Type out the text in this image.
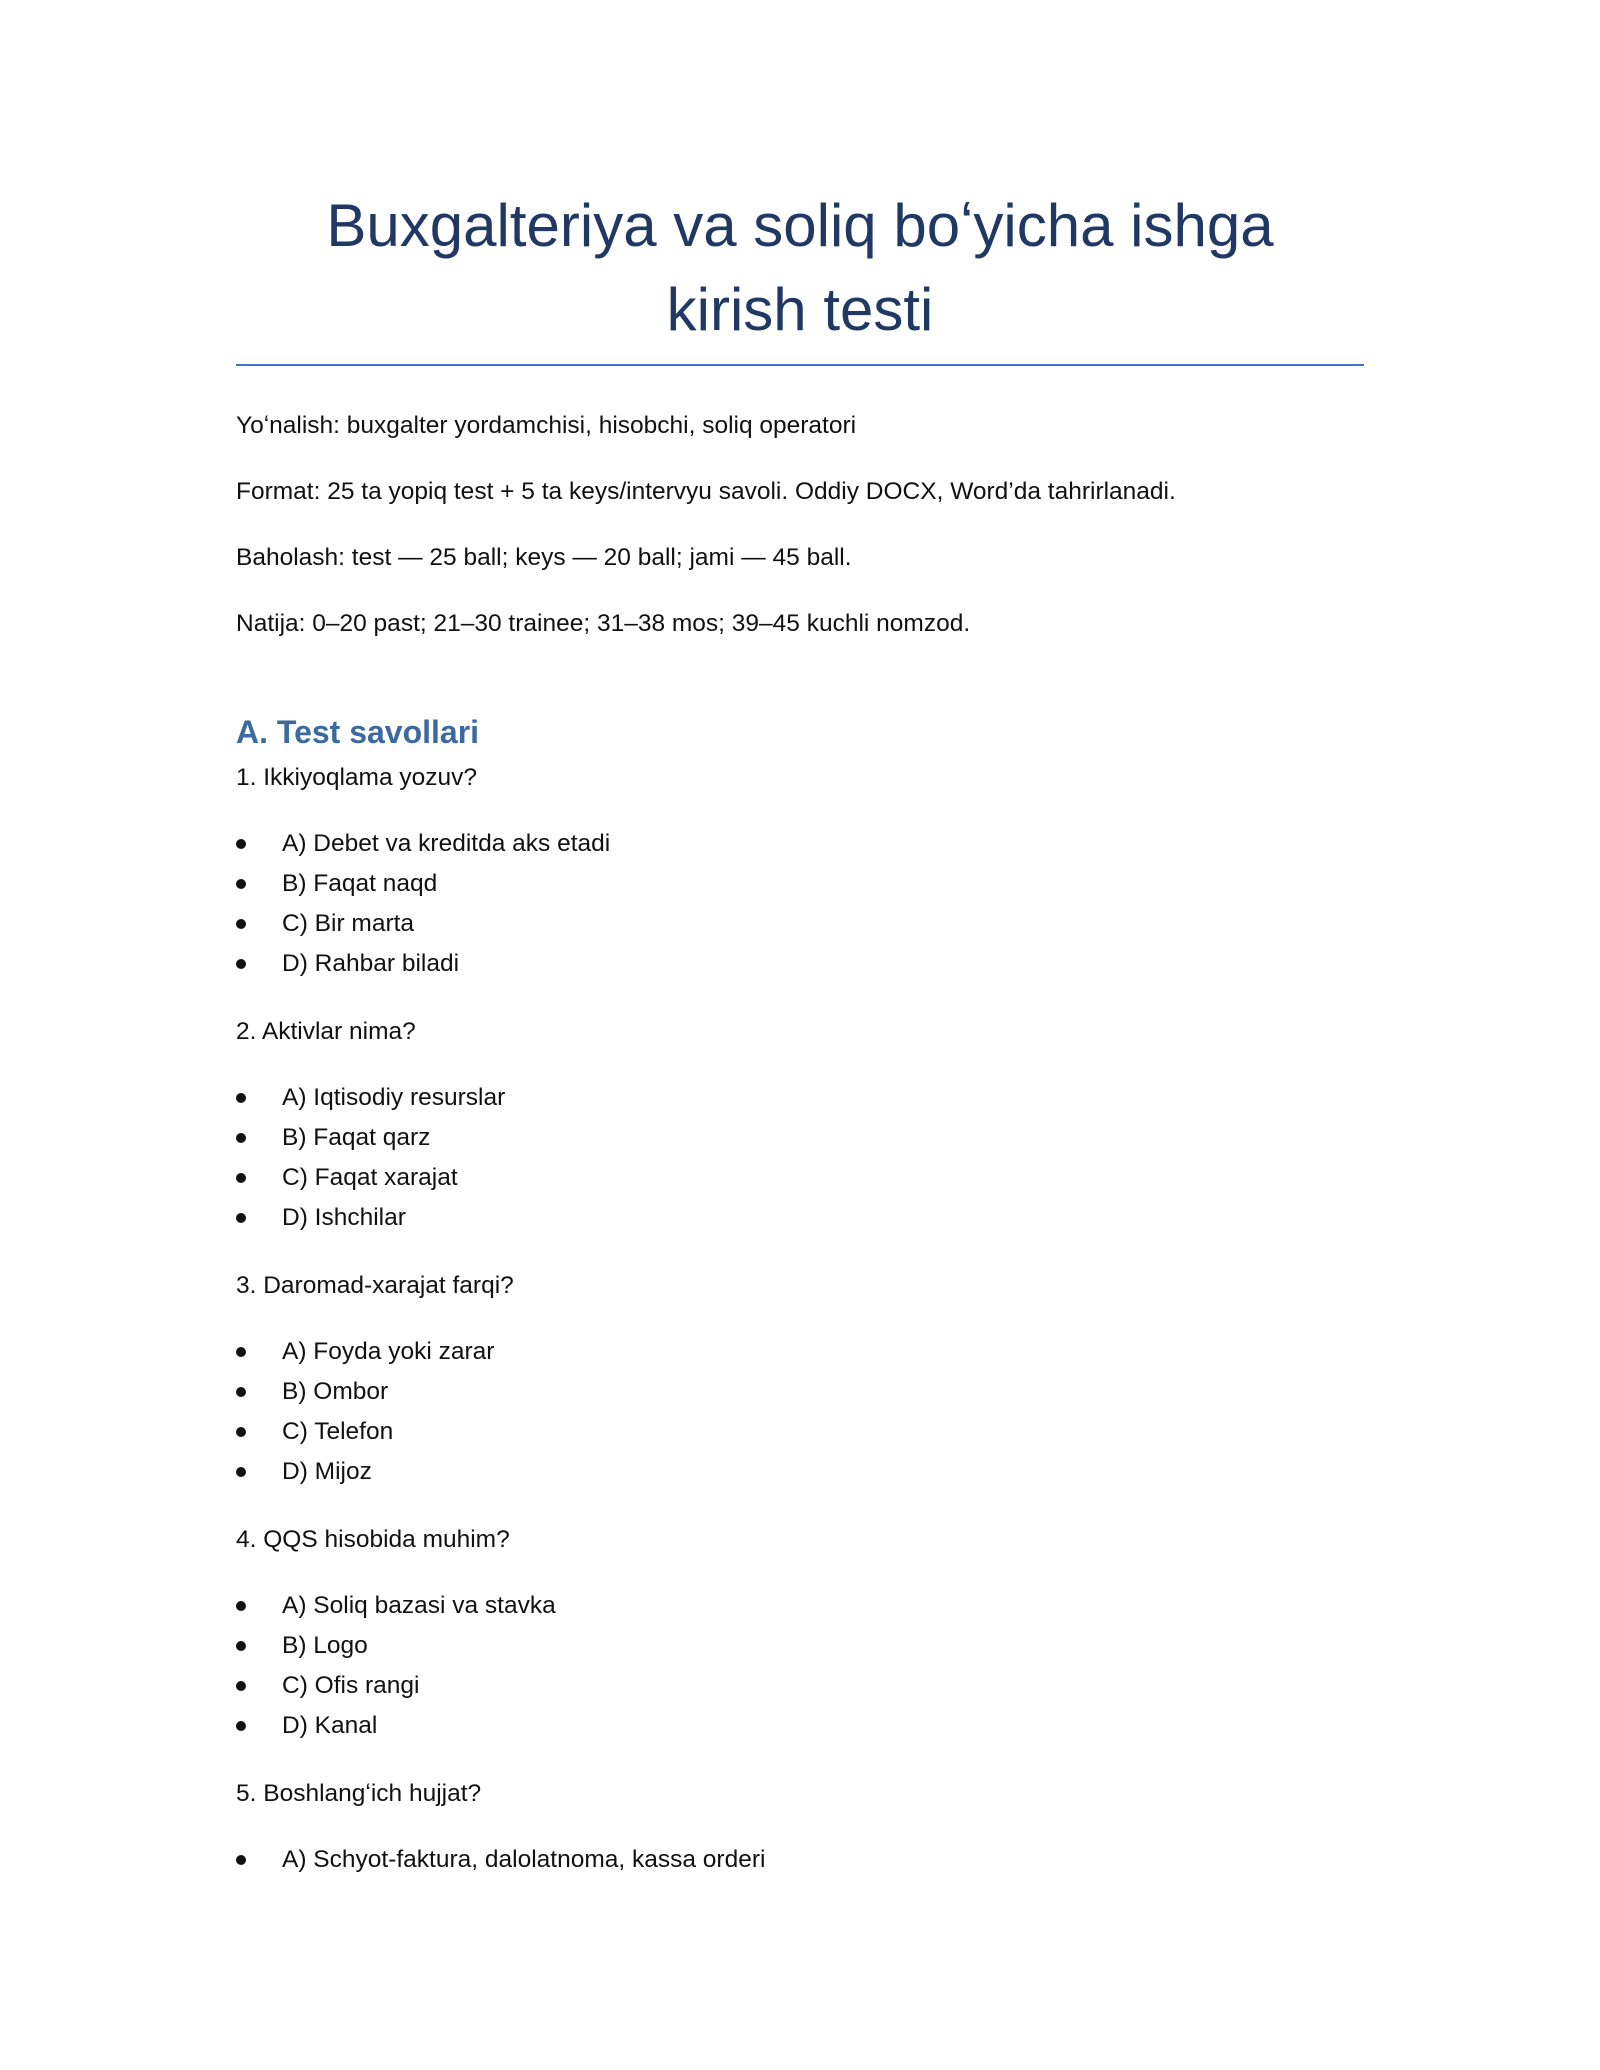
Buxgalteriya va soliq boʻyicha ishga
kirish testi
Yoʻnalish: buxgalter yordamchisi, hisobchi, soliq operatori
Format: 25 ta yopiq test + 5 ta keys/intervyu savoli. Oddiy DOCX, Word’da tahrirlanadi.
Baholash: test — 25 ball; keys — 20 ball; jami — 45 ball.
Natija: 0–20 past; 21–30 trainee; 31–38 mos; 39–45 kuchli nomzod.
A. Test savollari
1. Ikkiyoqlama yozuv?
A) Debet va kreditda aks etadi
B) Faqat naqd
C) Bir marta
D) Rahbar biladi
2. Aktivlar nima?
A) Iqtisodiy resurslar
B) Faqat qarz
C) Faqat xarajat
D) Ishchilar
3. Daromad-xarajat farqi?
A) Foyda yoki zarar
B) Ombor
C) Telefon
D) Mijoz
4. QQS hisobida muhim?
A) Soliq bazasi va stavka
B) Logo
C) Ofis rangi
D) Kanal
5. Boshlangʻich hujjat?
A) Schyot-faktura, dalolatnoma, kassa orderi
